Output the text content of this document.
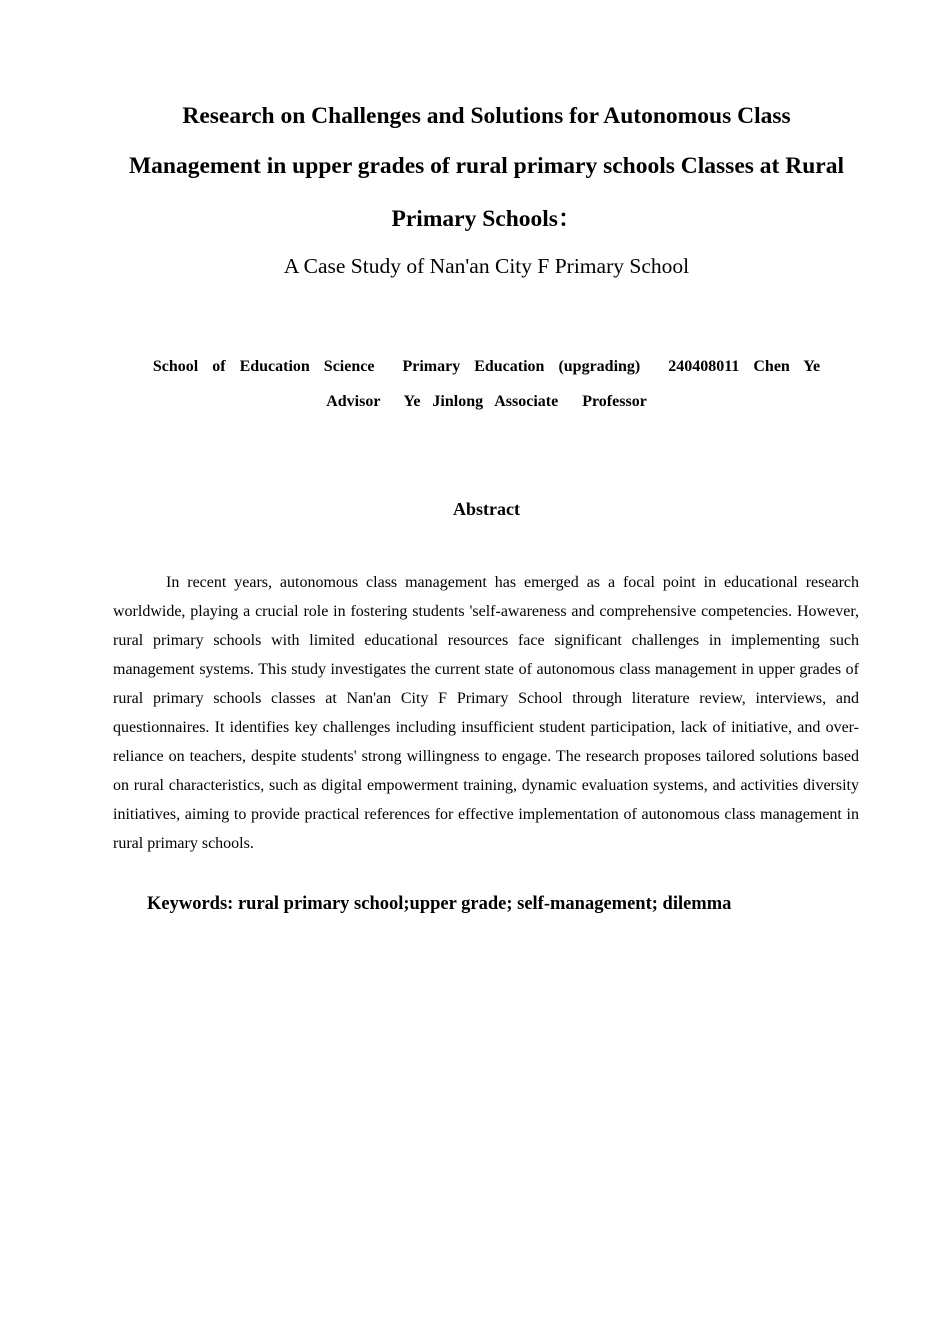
Research on Challenges and Solutions for Autonomous Class
Management in upper grades of rural primary schools Classes at Rural
Primary Schools：
A Case Study of Nan'an City F Primary School
School  of  Education  Science    Primary  Education  (upgrading)    240408011  Chen  Ye
Advisor    Ye  Jinlong  Associate    Professor
Abstract

In recent years, autonomous class management has emerged as a focal point in educational research worldwide, playing a crucial role in fostering students 'self-awareness and comprehensive competencies. However, rural primary schools with limited educational resources face significant challenges in implementing such management systems. This study investigates the current state of autonomous class management in upper grades of rural primary schools classes at Nan'an City F Primary School through literature review, interviews, and questionnaires. It identifies key challenges including insufficient student participation, lack of initiative, and over-reliance on teachers, despite students' strong willingness to engage. The research proposes tailored solutions based on rural characteristics, such as digital empowerment training, dynamic evaluation systems, and activities diversity initiatives, aiming to provide practical references for effective implementation of autonomous class management in rural primary schools.

Keywords: rural primary school;upper grade; self-management; dilemma
